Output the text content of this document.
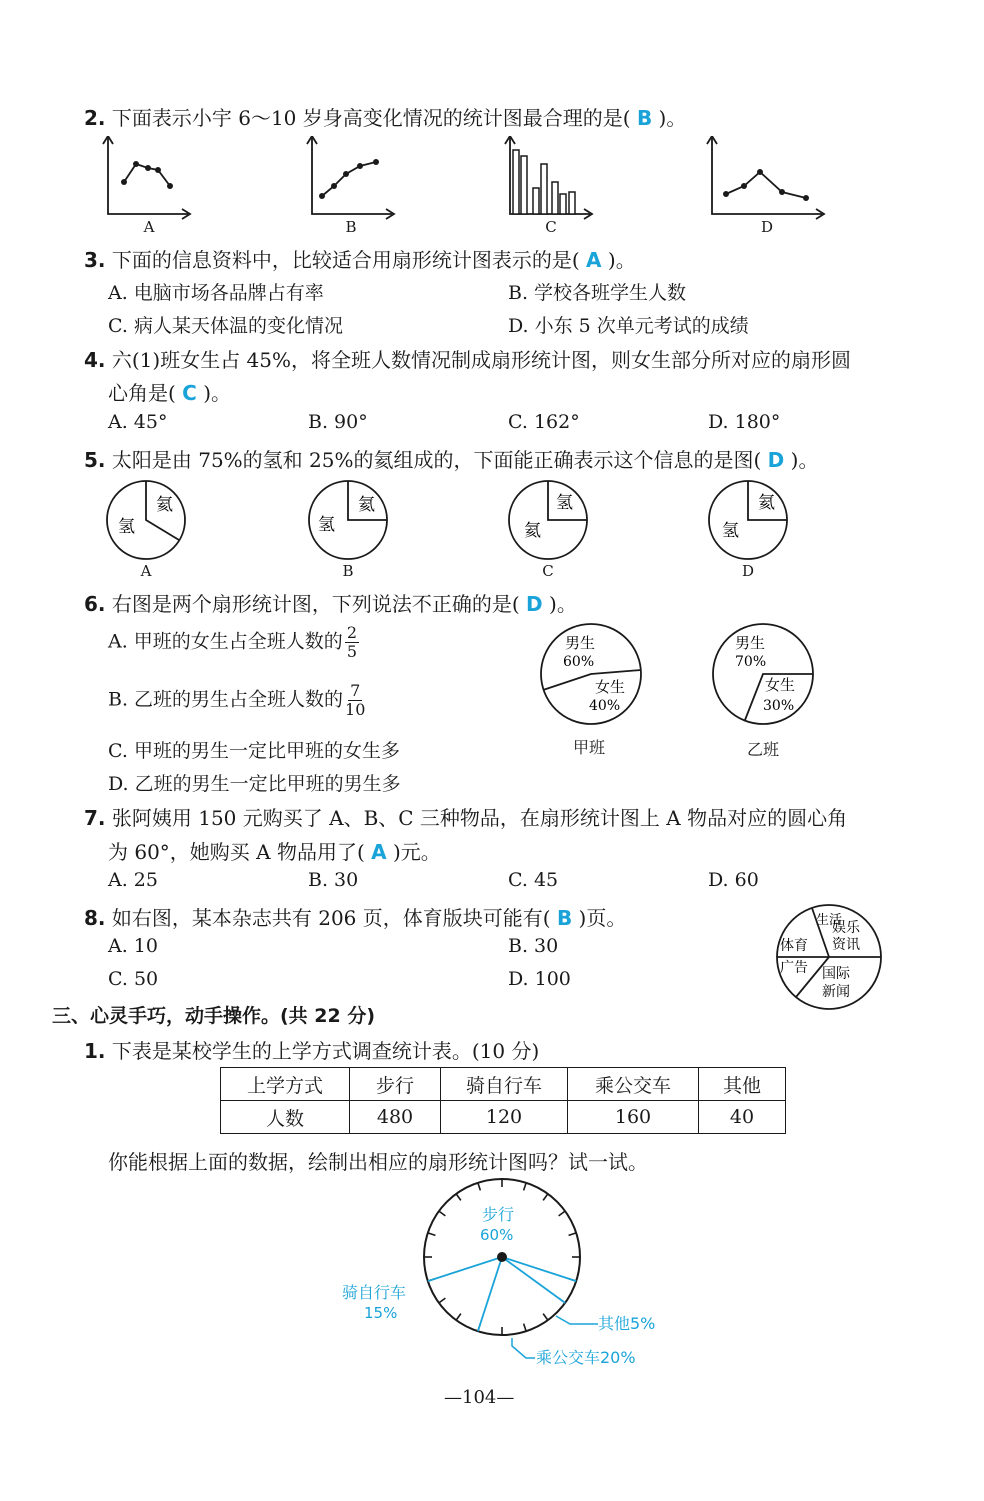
2. 下面表示小宇 6～10 岁身高变化情况的统计图最合理的是( B )。
A	B	C	D
3. 下面的信息资料中，比较适合用扇形统计图表示的是( A )。
A. 电脑市场各品牌占有率	B. 学校各班学生人数
C. 病人某天体温的变化情况	D. 小东 5 次单元考试的成绩
4. 六(1)班女生占 45%，将全班人数情况制成扇形统计图，则女生部分所对应的扇形圆
心角是( C )。
A. 45°	B. 90°	C. 162°	D. 180°
5. 太阳是由 75%的氢和 25%的氦组成的，下面能正确表示这个信息的是图( D )。
氦
氢
氦
氢
氢
氦
氦
氢
A	B	C	D
6. 右图是两个扇形统计图，下列说法不正确的是( D )。
A. 甲班的女生占全班人数的 $\frac{2}{5}$
B. 乙班的男生占全班人数的 $\frac{7}{10}$
C. 甲班的男生一定比甲班的女生多
D. 乙班的男生一定比甲班的男生多
男生
60%
女生
40%
甲班
男生
70%
女生
30%
乙班
7. 张阿姨用 150 元购买了 A、B、C 三种物品，在扇形统计图上 A 物品对应的圆心角
为 60°，她购买 A 物品用了( A )元。
A. 25	B. 30	C. 45	D. 60
8. 如右图，某本杂志共有 206 页，体育版块可能有( B )页。
A. 10	B. 30
C. 50	D. 100
生活
娱乐
资讯
体育
广告 国际
新闻
三、心灵手巧，动手操作。(共 22 分)
1. 下表是某校学生的上学方式调查统计表。(10 分)
上学方式	步行	骑自行车	乘公交车	其他
人数	480	120	160	40
你能根据上面的数据，绘制出相应的扇形统计图吗？试一试。
步行
60%
骑自行车
15%
其他5%
乘公交车20%
—104—
